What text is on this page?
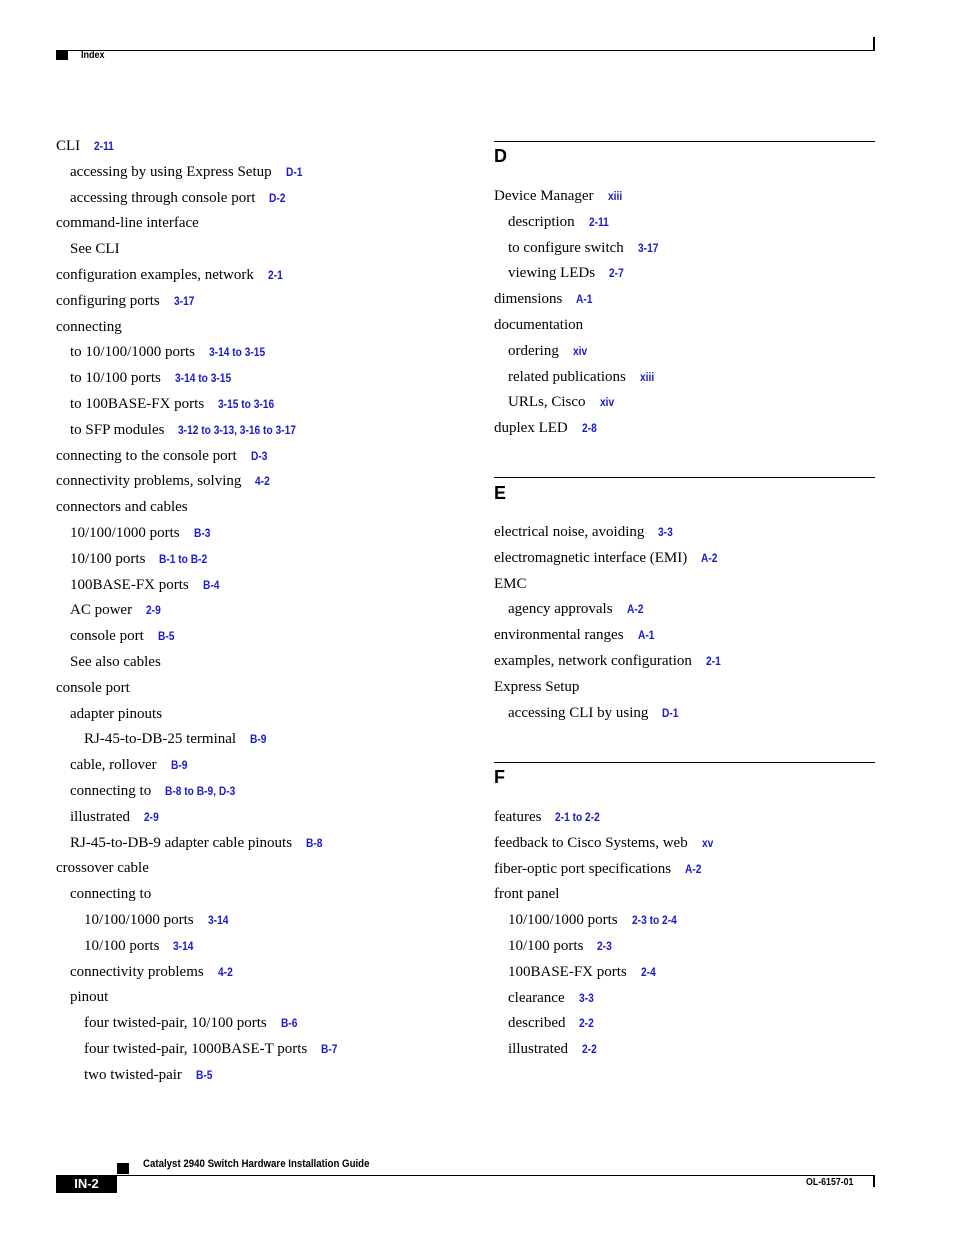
Index
CLI 2-11
accessing by using Express Setup D-1
accessing through console port D-2
command-line interface
See CLI
configuration examples, network 2-1
configuring ports 3-17
connecting
to 10/100/1000 ports 3-14 to 3-15
to 10/100 ports 3-14 to 3-15
to 100BASE-FX ports 3-15 to 3-16
to SFP modules 3-12 to 3-13, 3-16 to 3-17
connecting to the console port D-3
connectivity problems, solving 4-2
connectors and cables
10/100/1000 ports B-3
10/100 ports B-1 to B-2
100BASE-FX ports B-4
AC power 2-9
console port B-5
See also cables
console port
adapter pinouts
RJ-45-to-DB-25 terminal B-9
cable, rollover B-9
connecting to B-8 to B-9, D-3
illustrated 2-9
RJ-45-to-DB-9 adapter cable pinouts B-8
crossover cable
connecting to
10/100/1000 ports 3-14
10/100 ports 3-14
connectivity problems 4-2
pinout
four twisted-pair, 10/100 ports B-6
four twisted-pair, 1000BASE-T ports B-7
two twisted-pair B-5
D
Device Manager xiii
description 2-11
to configure switch 3-17
viewing LEDs 2-7
dimensions A-1
documentation
ordering xiv
related publications xiii
URLs, Cisco xiv
duplex LED 2-8
E
electrical noise, avoiding 3-3
electromagnetic interface (EMI) A-2
EMC
agency approvals A-2
environmental ranges A-1
examples, network configuration 2-1
Express Setup
accessing CLI by using D-1
F
features 2-1 to 2-2
feedback to Cisco Systems, web xv
fiber-optic port specifications A-2
front panel
10/100/1000 ports 2-3 to 2-4
10/100 ports 2-3
100BASE-FX ports 2-4
clearance 3-3
described 2-2
illustrated 2-2
Catalyst 2940 Switch Hardware Installation Guide
IN-2	OL-6157-01
